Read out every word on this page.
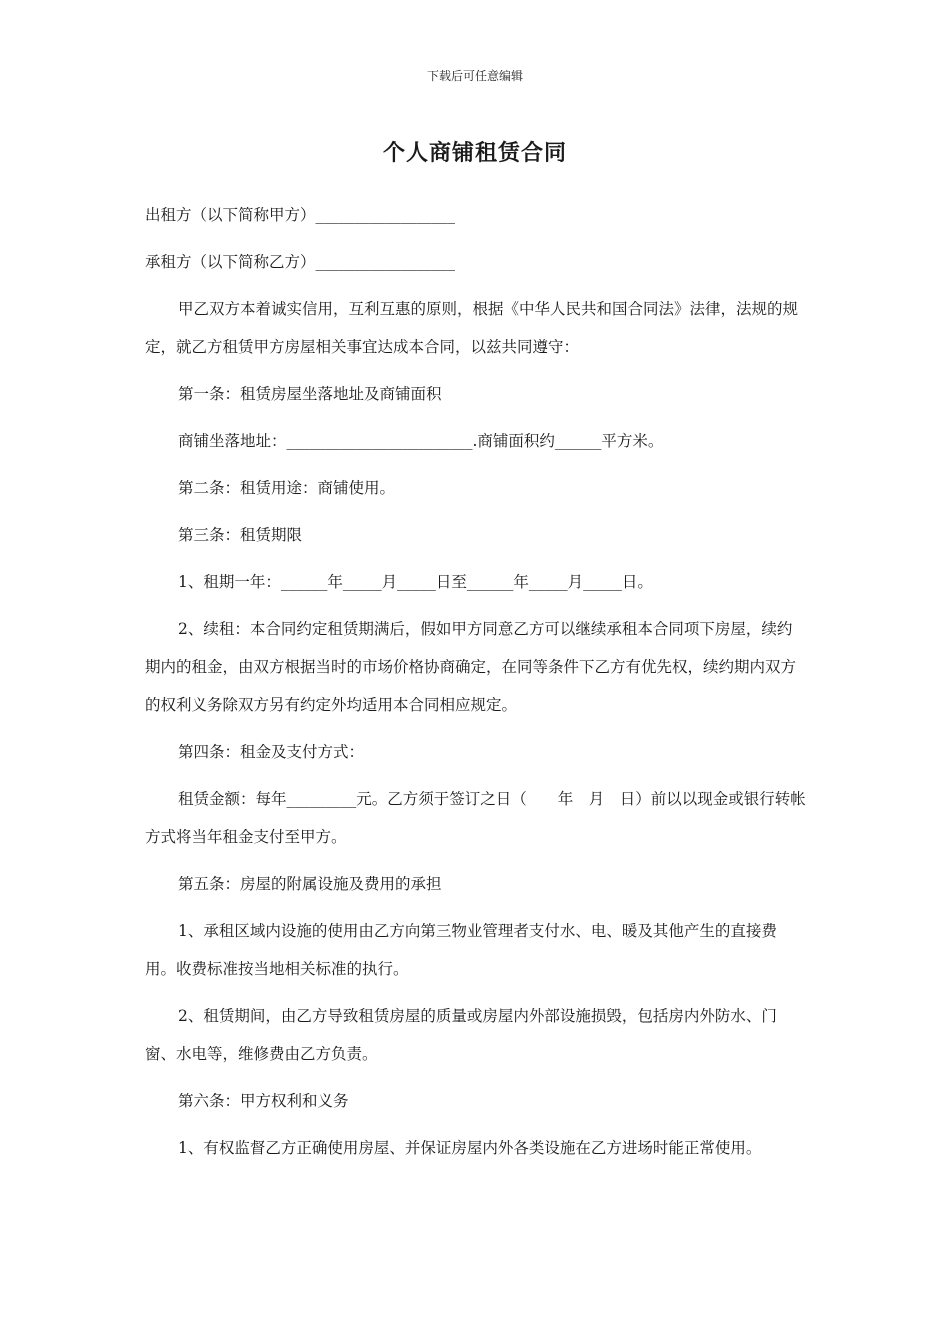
下载后可任意编辑
个人商铺租赁合同

出租方（以下简称甲方）__________________

承租方（以下简称乙方）__________________

甲乙双方本着诚实信用，互利互惠的原则，根据《中华人民共和国合同法》法律，法规的规定，就乙方租赁甲方房屋相关事宜达成本合同，以兹共同遵守：

第一条：租赁房屋坐落地址及商铺面积

商铺坐落地址：________________________.商铺面积约______平方米。

第二条：租赁用途：商铺使用。

第三条：租赁期限

1、租期一年：______年_____月_____日至______年_____月_____日。

2、续租：本合同约定租赁期满后，假如甲方同意乙方可以继续承租本合同项下房屋，续约期内的租金，由双方根据当时的市场价格协商确定，在同等条件下乙方有优先权，续约期内双方的权利义务除双方另有约定外均适用本合同相应规定。

第四条：租金及支付方式：

租赁金额：每年_________元。乙方须于签订之日（　　年　月　日）前以以现金或银行转帐方式将当年租金支付至甲方。

第五条：房屋的附属设施及费用的承担

1、承租区域内设施的使用由乙方向第三物业管理者支付水、电、暖及其他产生的直接费用。收费标准按当地相关标准的执行。

2、租赁期间，由乙方导致租赁房屋的质量或房屋内外部设施损毁，包括房内外防水、门窗、水电等，维修费由乙方负责。

第六条：甲方权利和义务

1、有权监督乙方正确使用房屋、并保证房屋内外各类设施在乙方进场时能正常使用。
